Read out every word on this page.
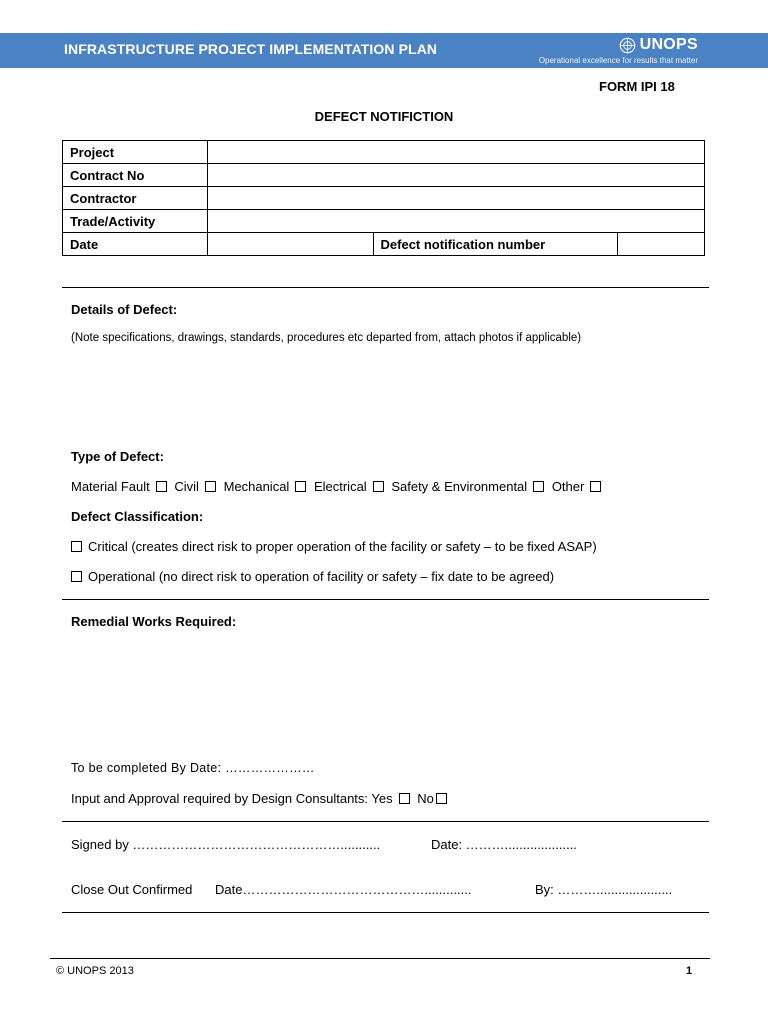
INFRASTRUCTURE PROJECT IMPLEMENTATION PLAN	UNOPS
Operational excellence for results that matter
FORM IPI 18
DEFECT NOTIFICTION
Project			
Contract No			
Contractor			
Trade/Activity			
Date		Defect notification number	
Details of Defect:
(Note specifications, drawings, standards, procedures etc departed from, attach photos if applicable)
Type of Defect:
Material Fault Civil Mechanical Electrical Safety & Environmental Other
Defect Classification:
Critical (creates direct risk to proper operation of the facility or safety – to be fixed ASAP)
Operational (no direct risk to operation of facility or safety – fix date to be agreed)
Remedial Works Required:
To be completed By Date: …………………
Input and Approval required by Design Consultants: Yes No
Signed by …………………………………………...........	Date: ………....................
Close Out Confirmed Date…………………………………….............	By: ……….....................
© UNOPS 2013	1
